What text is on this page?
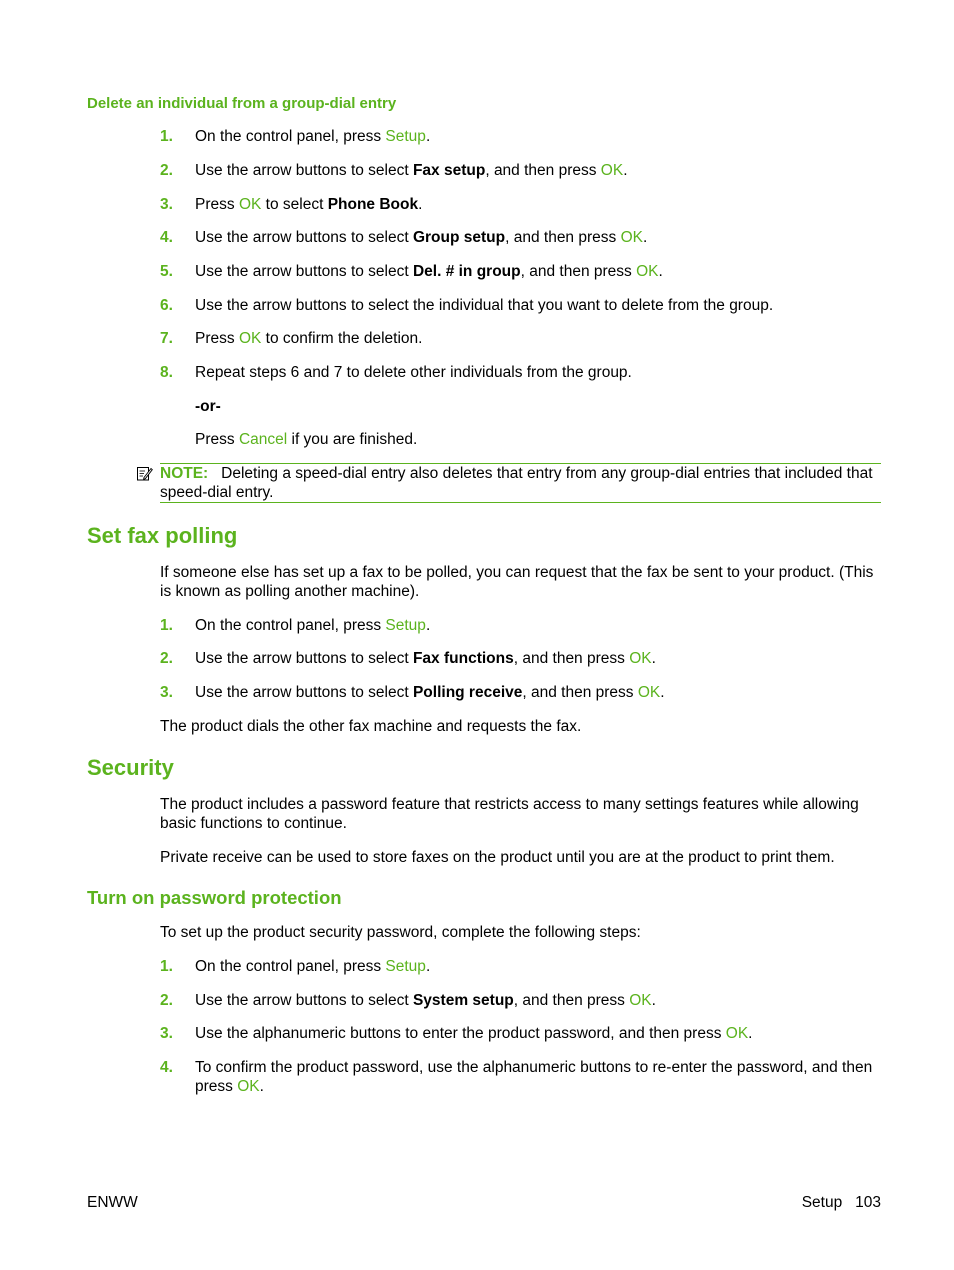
Delete an individual from a group-dial entry
1. On the control panel, press Setup.
2. Use the arrow buttons to select Fax setup, and then press OK.
3. Press OK to select Phone Book.
4. Use the arrow buttons to select Group setup, and then press OK.
5. Use the arrow buttons to select Del. # in group, and then press OK.
6. Use the arrow buttons to select the individual that you want to delete from the group.
7. Press OK to confirm the deletion.
8. Repeat steps 6 and 7 to delete other individuals from the group.
-or-
Press Cancel if you are finished.
NOTE: Deleting a speed-dial entry also deletes that entry from any group-dial entries that included that speed-dial entry.
Set fax polling
If someone else has set up a fax to be polled, you can request that the fax be sent to your product. (This is known as polling another machine).
1. On the control panel, press Setup.
2. Use the arrow buttons to select Fax functions, and then press OK.
3. Use the arrow buttons to select Polling receive, and then press OK.
The product dials the other fax machine and requests the fax.
Security
The product includes a password feature that restricts access to many settings features while allowing basic functions to continue.
Private receive can be used to store faxes on the product until you are at the product to print them.
Turn on password protection
To set up the product security password, complete the following steps:
1. On the control panel, press Setup.
2. Use the arrow buttons to select System setup, and then press OK.
3. Use the alphanumeric buttons to enter the product password, and then press OK.
4. To confirm the product password, use the alphanumeric buttons to re-enter the password, and then press OK.
ENWW	Setup 103
